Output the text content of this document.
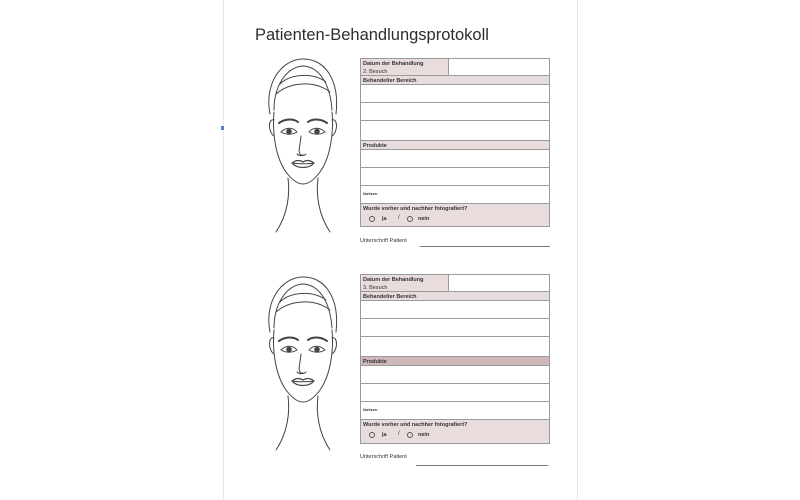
Patienten-Behandlungsprotokoll
Datum der Behandlung
2. Besuch
Behandelter Bereich
Produkte
Notizen
Wurde vorher und nachher fotografiert?
ja /	nein
Unterschrift Patient
Datum der Behandlung
3. Besuch
Behandelter Bereich
Produkte
Notizen
Wurde vorher und nachher fotografiert?
ja /	nein
Unterschrift Patient
